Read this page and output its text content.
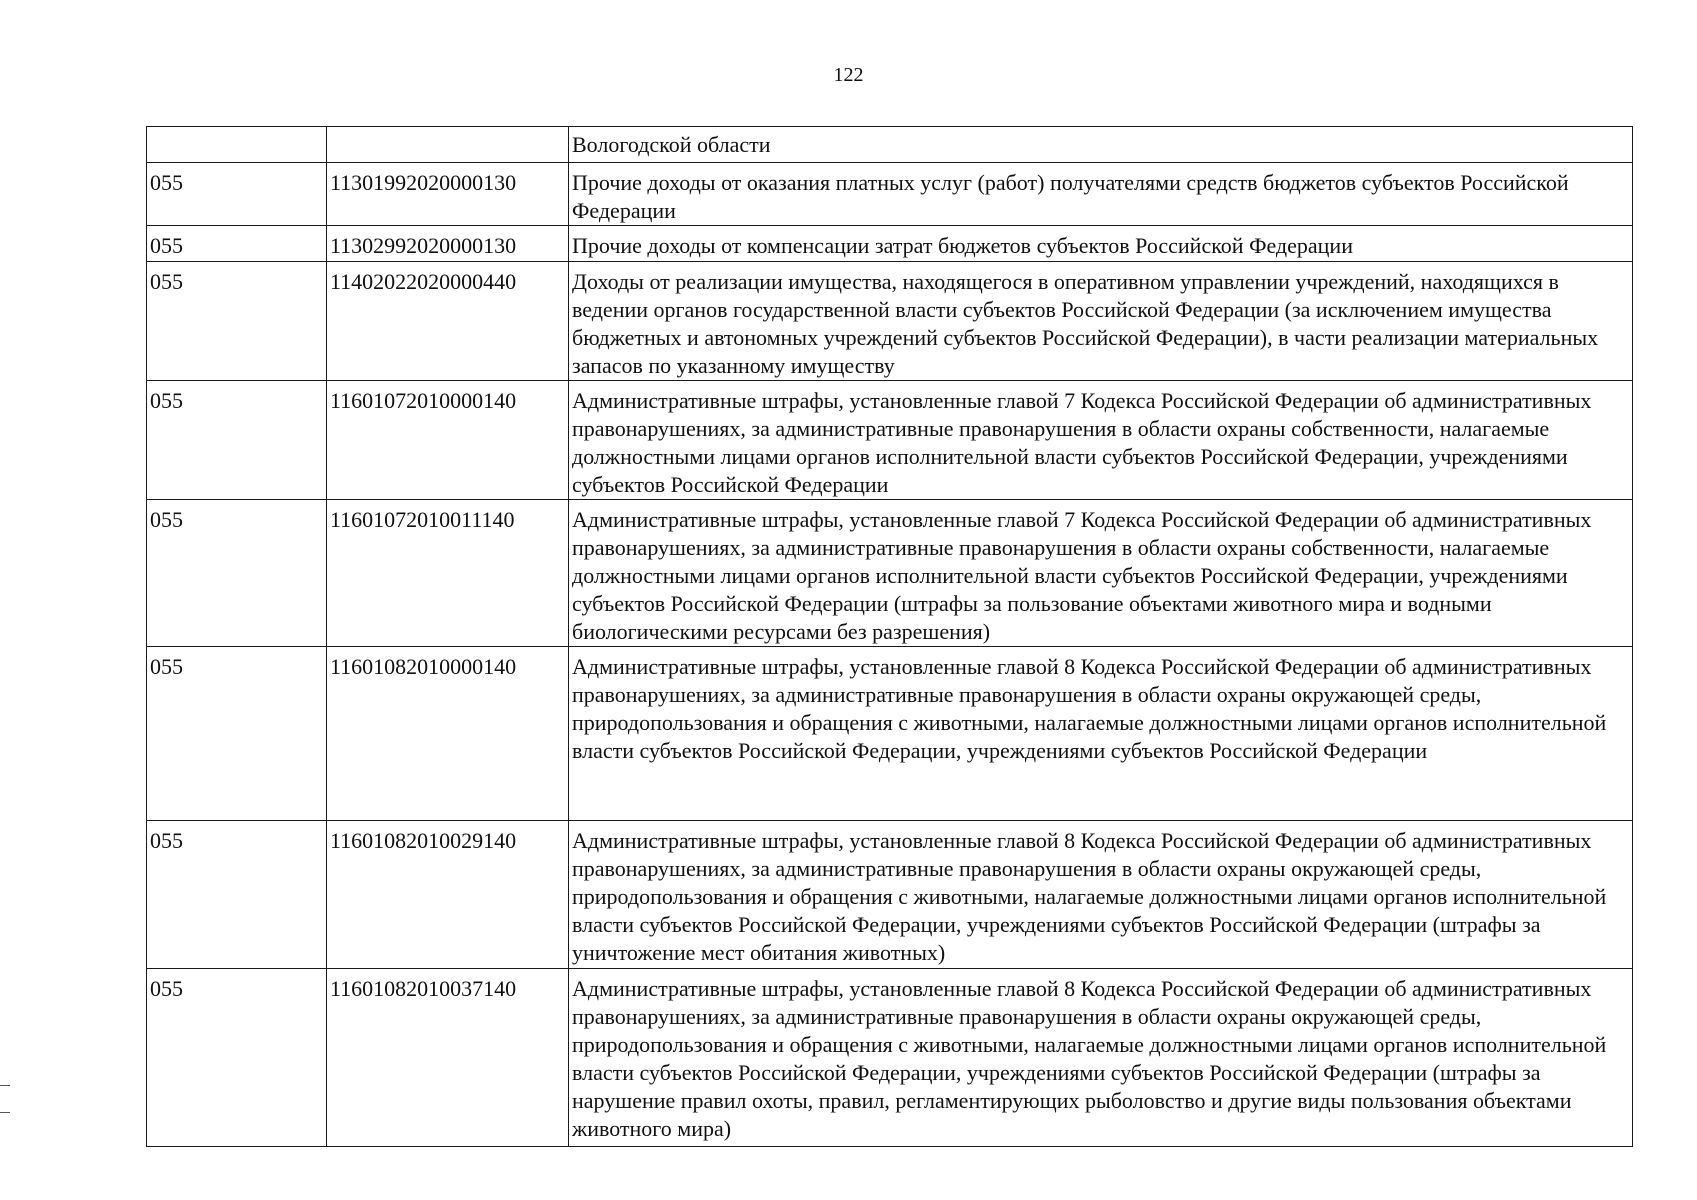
122
		Вологодской области
055	11301992020000130	Прочие доходы от оказания платных услуг (работ) получателями средств бюджетов субъектов Российской Федерации
055	11302992020000130	Прочие доходы от компенсации затрат бюджетов субъектов Российской Федерации
055	11402022020000440	Доходы от реализации имущества, находящегося в оперативном управлении учреждений, находящихся в ведении органов государственной власти субъектов Российской Федерации (за исключением имущества бюджетных и автономных учреждений субъектов Российской Федерации), в части реализации материальных запасов по указанному имуществу
055	11601072010000140	Административные штрафы, установленные главой 7 Кодекса Российской Федерации об административных правонарушениях, за административные правонарушения в области охраны собственности, налагаемые должностными лицами органов исполнительной власти субъектов Российской Федерации, учреждениями субъектов Российской Федерации
055	11601072010011140	Административные штрафы, установленные главой 7 Кодекса Российской Федерации об административных правонарушениях, за административные правонарушения в области охраны собственности, налагаемые должностными лицами органов исполнительной власти субъектов Российской Федерации, учреждениями субъектов Российской Федерации (штрафы за пользование объектами животного мира и водными биологическими ресурсами без разрешения)
055	11601082010000140	Административные штрафы, установленные главой 8 Кодекса Российской Федерации об административных правонарушениях, за административные правонарушения в области охраны окружающей среды, природопользования и обращения с животными, налагаемые должностными лицами органов исполнительной власти субъектов Российской Федерации, учреждениями субъектов Российской Федерации
055	11601082010029140	Административные штрафы, установленные главой 8 Кодекса Российской Федерации об административных правонарушениях, за административные правонарушения в области охраны окружающей среды, природопользования и обращения с животными, налагаемые должностными лицами органов исполнительной власти субъектов Российской Федерации, учреждениями субъектов Российской Федерации (штрафы за уничтожение мест обитания животных)
055	11601082010037140	Административные штрафы, установленные главой 8 Кодекса Российской Федерации об административных правонарушениях, за административные правонарушения в области охраны окружающей среды, природопользования и обращения с животными, налагаемые должностными лицами органов исполнительной власти субъектов Российской Федерации, учреждениями субъектов Российской Федерации (штрафы за нарушение правил охоты, правил, регламентирующих рыболовство и другие виды пользования объектами животного мира)
